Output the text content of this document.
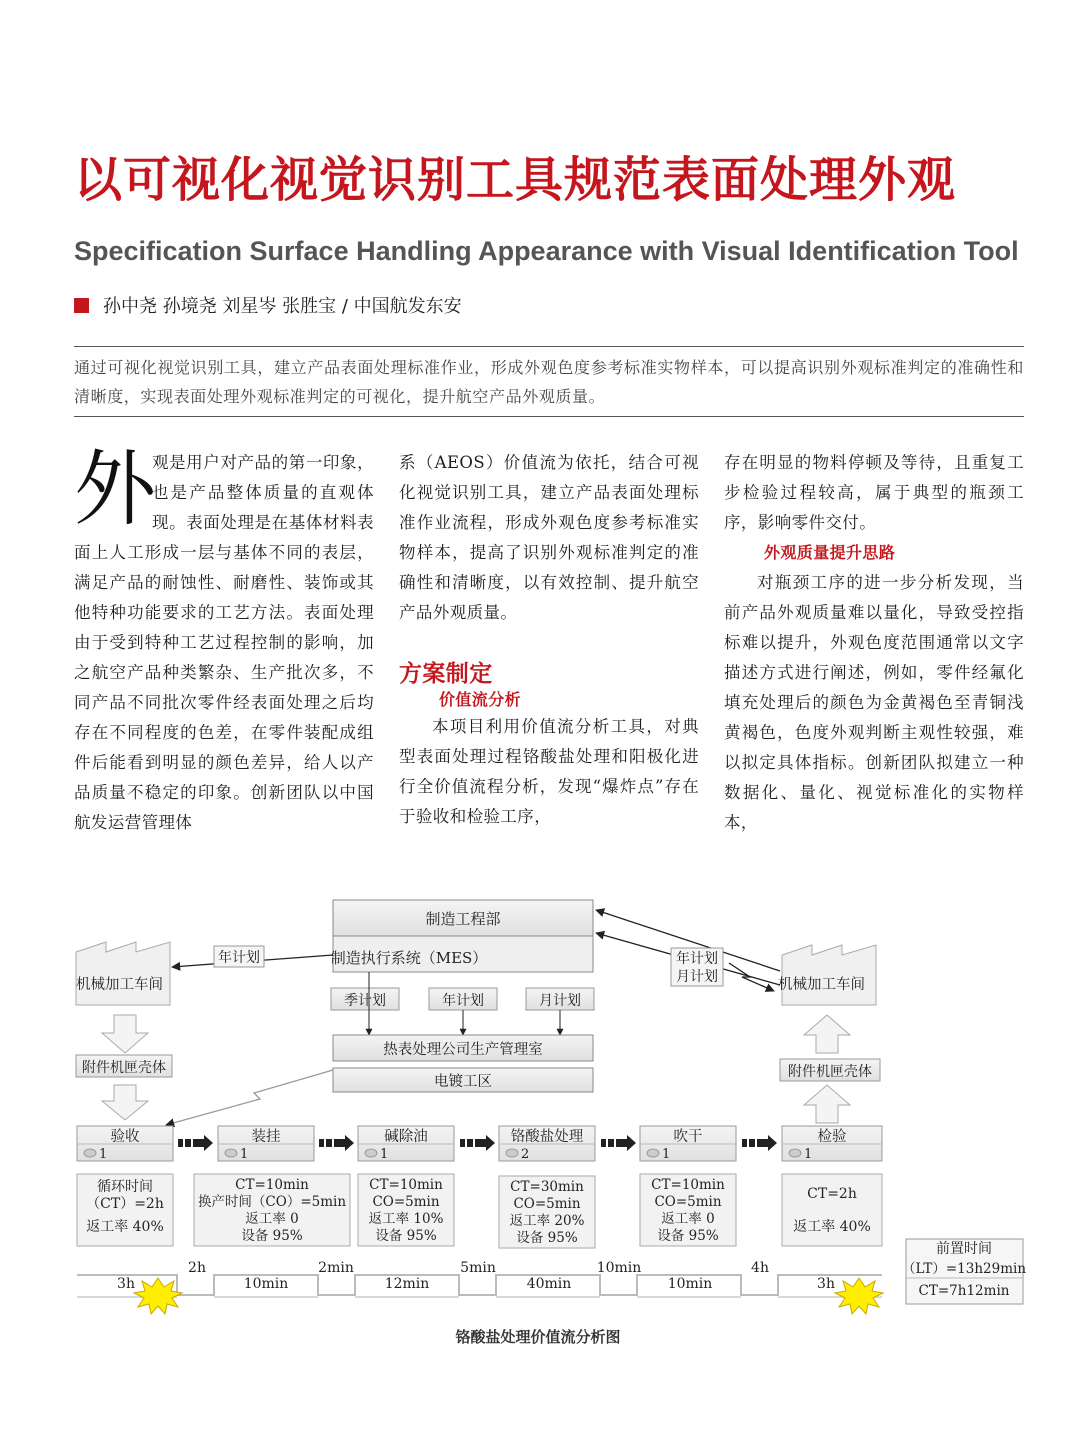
以可视化视觉识别工具规范表面处理外观
Specification Surface Handling Appearance with Visual Identification Tool
孙中尧 孙境尧 刘星岑 张胜宝 / 中国航发东安
通过可视化视觉识别工具，建立产品表面处理标准作业，形成外观色度参考标准实物样本，可以提高识别外观标准判定的准确性和清晰度，实现表面处理外观标准判定的可视化，提升航空产品外观质量。
外

观是用户对产品的第一印象，也是产品整体质量的直观体现。表面处理是在基体材料表面上人工形成一层与基体不同的表层，满足产品的耐蚀性、耐磨性、装饰或其他特种功能要求的工艺方法。表面处理由于受到特种工艺过程控制的影响，加之航空产品种类繁杂、生产批次多，不同产品不同批次零件经表面处理之后均存在不同程度的色差，在零件装配成组件后能看到明显的颜色差异，给人以产品质量不稳定的印象。创新团队以中国航发运营管理体

系（AEOS）价值流为依托，结合可视化视觉识别工具，建立产品表面处理标准作业流程，形成外观色度参考标准实物样本，提高了识别外观标准判定的准确性和清晰度，以有效控制、提升航空产品外观质量。

方案制定

价值流分析

本项目利用价值流分析工具，对典型表面处理过程铬酸盐处理和阳极化进行全价值流程分析，发现“爆炸点”存在于验收和检验工序，

存在明显的物料停顿及等待，且重复工步检验过程较高，属于典型的瓶颈工序，影响零件交付。

外观质量提升思路

对瓶颈工序的进一步分析发现，当前产品外观质量难以量化，导致受控指标难以提升，外观色度范围通常以文字描述方式进行阐述，例如，零件经氟化填充处理后的颜色为金黄褐色至青铜浅黄褐色，色度外观判断主观性较强，难以拟定具体指标。创新团队拟建立一种数据化、量化、视觉标准化的实物样本，

制造工程部
制造执行系统（MES）
季计划	年计划	月计划
热表处理公司生产管理室
电镀工区
机械加工车间
年计划
附件机匣壳体
机械加工车间
年计划
月计划
附件机匣壳体
验收
1
循环时间
（CT）=2h
返工率 40%
装挂
1
CT=10min
换产时间（CO）=5min
返工率 0
设备 95%
碱除油
1
CT=10min
CO=5min
返工率 10%
设备 95%
铬酸盐处理
2
CT=30min
CO=5min
返工率 20%
设备 95%
吹干
1
CT=10min
CO=5min
返工率 0
设备 95%
检验
1
CT=2h
返工率 40%
2h	2min	5min	10min	4h
3h	10min	12min	40min	10min	3h
前置时间
（LT）=13h29min
CT=7h12min
铬酸盐处理价值流分析图
